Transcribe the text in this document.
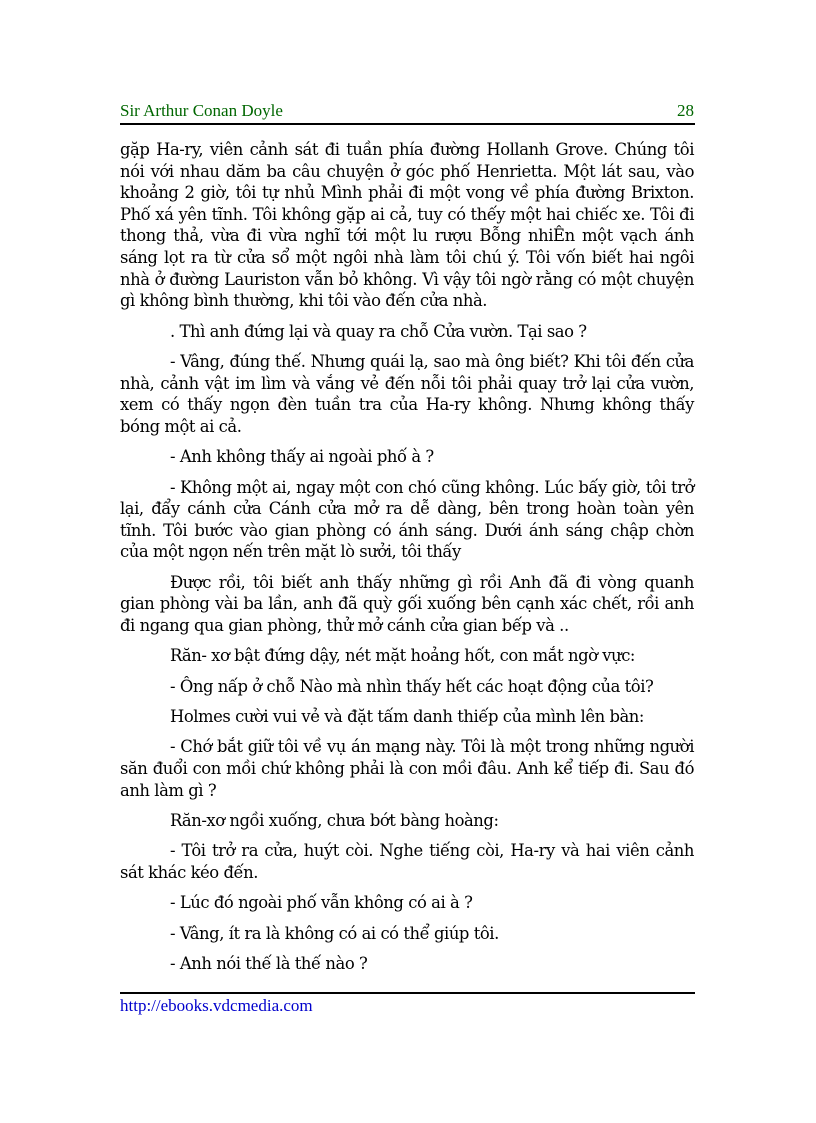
Sir Arthur Conan Doyle	28

gặp Ha-ry, viên cảnh sát đi tuần phía đường Hollanh Grove. Chúng tôi nói với nhau dăm ba câu chuyện ở góc phố Henrietta. Một lát sau, vào khoảng 2 giờ, tôi tự nhủ Mình phải đi một vong về phía đường Brixton. Phố xá yên tĩnh. Tôi không gặp ai cả, tuy có thếy một hai chiếc xe. Tôi đi thong thả, vừa đi vừa nghĩ tới một lu rượu Bỗng nhiÊn một vạch ánh sáng lọt ra từ cửa sổ một ngôi nhà làm tôi chú ý. Tôi vốn biết hai ngôi nhà ở đường Lauriston vẫn bỏ không. Vì vậy tôi ngờ rằng có một chuyện gì không bình thường, khi tôi vào đến cửa nhà.

. Thì anh đứng lại và quay ra chỗ Cửa vườn. Tại sao ?

- Vâng, đúng thế. Nhưng quái lạ, sao mà ông biết? Khi tôi đến cửa nhà, cảnh vật im lìm và vắng vẻ đến nỗi tôi phải quay trở lại cửa vườn, xem có thấy ngọn đèn tuần tra của Ha-ry không. Nhưng không thấy bóng một ai cả.

- Anh không thấy ai ngoài phố à ?

- Không một ai, ngay một con chó cũng không. Lúc bấy giờ, tôi trở lại, đẩy cánh cửa Cánh cửa mở ra dễ dàng, bên trong hoàn toàn yên tĩnh. Tôi bước vào gian phòng có ánh sáng. Dưới ánh sáng chập chờn của một ngọn nến trên mặt lò sưởi, tôi thấy

Được rồi, tôi biết anh thấy những gì rồi Anh đã đi vòng quanh gian phòng vài ba lần, anh đã quỳ gối xuống bên cạnh xác chết, rồi anh đi ngang qua gian phòng, thử mở cánh cửa gian bếp và ..

Răn- xơ bật đứng dậy, nét mặt hoảng hốt, con mắt ngờ vực:

- Ông nấp ở chỗ Nào mà nhìn thấy hết các hoạt động của tôi?

Holmes cười vui vẻ và đặt tấm danh thiếp của mình lên bàn:

- Chớ bắt giữ tôi về vụ án mạng này. Tôi là một trong những người săn đuổi con mồi chứ không phải là con mồi đâu. Anh kể tiếp đi. Sau đó anh làm gì ?

Răn-xơ ngồi xuống, chưa bớt bàng hoàng:

- Tôi trở ra cửa, huýt còi. Nghe tiếng còi, Ha-ry và hai viên cảnh sát khác kéo đến.

- Lúc đó ngoài phố vẫn không có ai à ?

- Vâng, ít ra là không có ai có thể giúp tôi.

- Anh nói thế là thế nào ?

http://ebooks.vdcmedia.com
